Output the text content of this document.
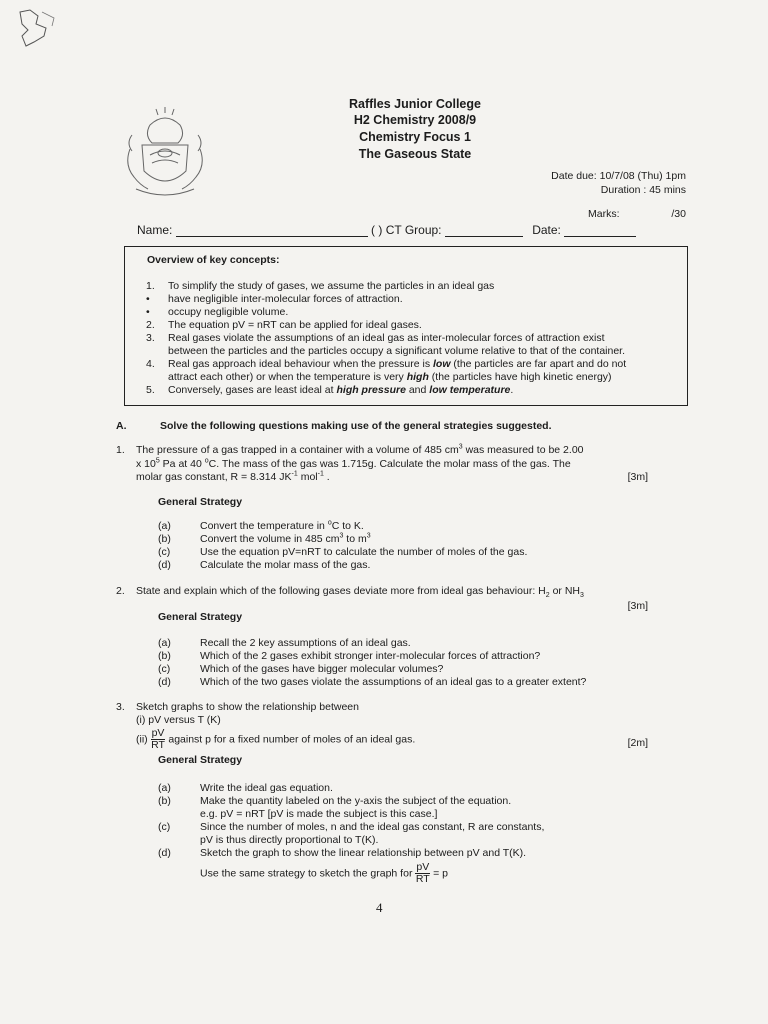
Raffles Junior College
H2 Chemistry 2008/9
Chemistry Focus 1
The Gaseous State
Date due: 10/7/08 (Thu) 1pm
Duration : 45 mins
Marks:	/30
Name:	( ) CT Group:	Date:
Overview of key concepts:
1. To simplify the study of gases, we assume the particles in an ideal gas
• have negligible inter-molecular forces of attraction.
• occupy negligible volume.
2. The equation pV = nRT can be applied for ideal gases.
3. Real gases violate the assumptions of an ideal gas as inter-molecular forces of attraction exist
between the particles and the particles occupy a significant volume relative to that of the container.
4. Real gas approach ideal behaviour when the pressure is low (the particles are far apart and do not
attract each other) or when the temperature is very high (the particles have high kinetic energy)
5. Conversely, gases are least ideal at high pressure and low temperature.
A.	Solve the following questions making use of the general strategies suggested.
1. The pressure of a gas trapped in a container with a volume of 485 $cm^3$ was measured to be 2.00
x $10^5$ Pa at 40 $^o$C. The mass of the gas was 1.715g. Calculate the molar mass of the gas. The
molar gas constant, R = 8.314 $JK^{-1}$ mol$^{-1}$ .	[3m]
General Strategy
(a)	Convert the temperature in $^o$C to K.
(b)	Convert the volume in 485 $cm^3$ to $m^3$
(c)	Use the equation pV=nRT to calculate the number of moles of the gas.
(d)	Calculate the molar mass of the gas.
2. State and explain which of the following gases deviate more from ideal gas behaviour: $H_2$ or $NH_3$
[3m]
General Strategy
(a)	Recall the 2 key assumptions of an ideal gas.
(b)	Which of the 2 gases exhibit stronger inter-molecular forces of attraction?
(c)	Which of the gases have bigger molecular volumes?
(d)	Which of the two gases violate the assumptions of an ideal gas to a greater extent?
3. Sketch graphs to show the relationship between
(i) pV versus T (K)
$(ii) \frac{pV}{RT}$ against p for a fixed number of moles of an ideal gas.	[2m]
General Strategy
(a)	Write the ideal gas equation.
(b)	Make the quantity labeled on the y-axis the subject of the equation.
e.g. pV = nRT [pV is made the subject is this case.]
(c)	Since the number of moles, n and the ideal gas constant, R are constants,
pV is thus directly proportional to T(K).
(d)	Sketch the graph to show the linear relationship between pV and T(K).
Use the same strategy to sketch the graph for $\frac{pV}{RT} = p$
4
